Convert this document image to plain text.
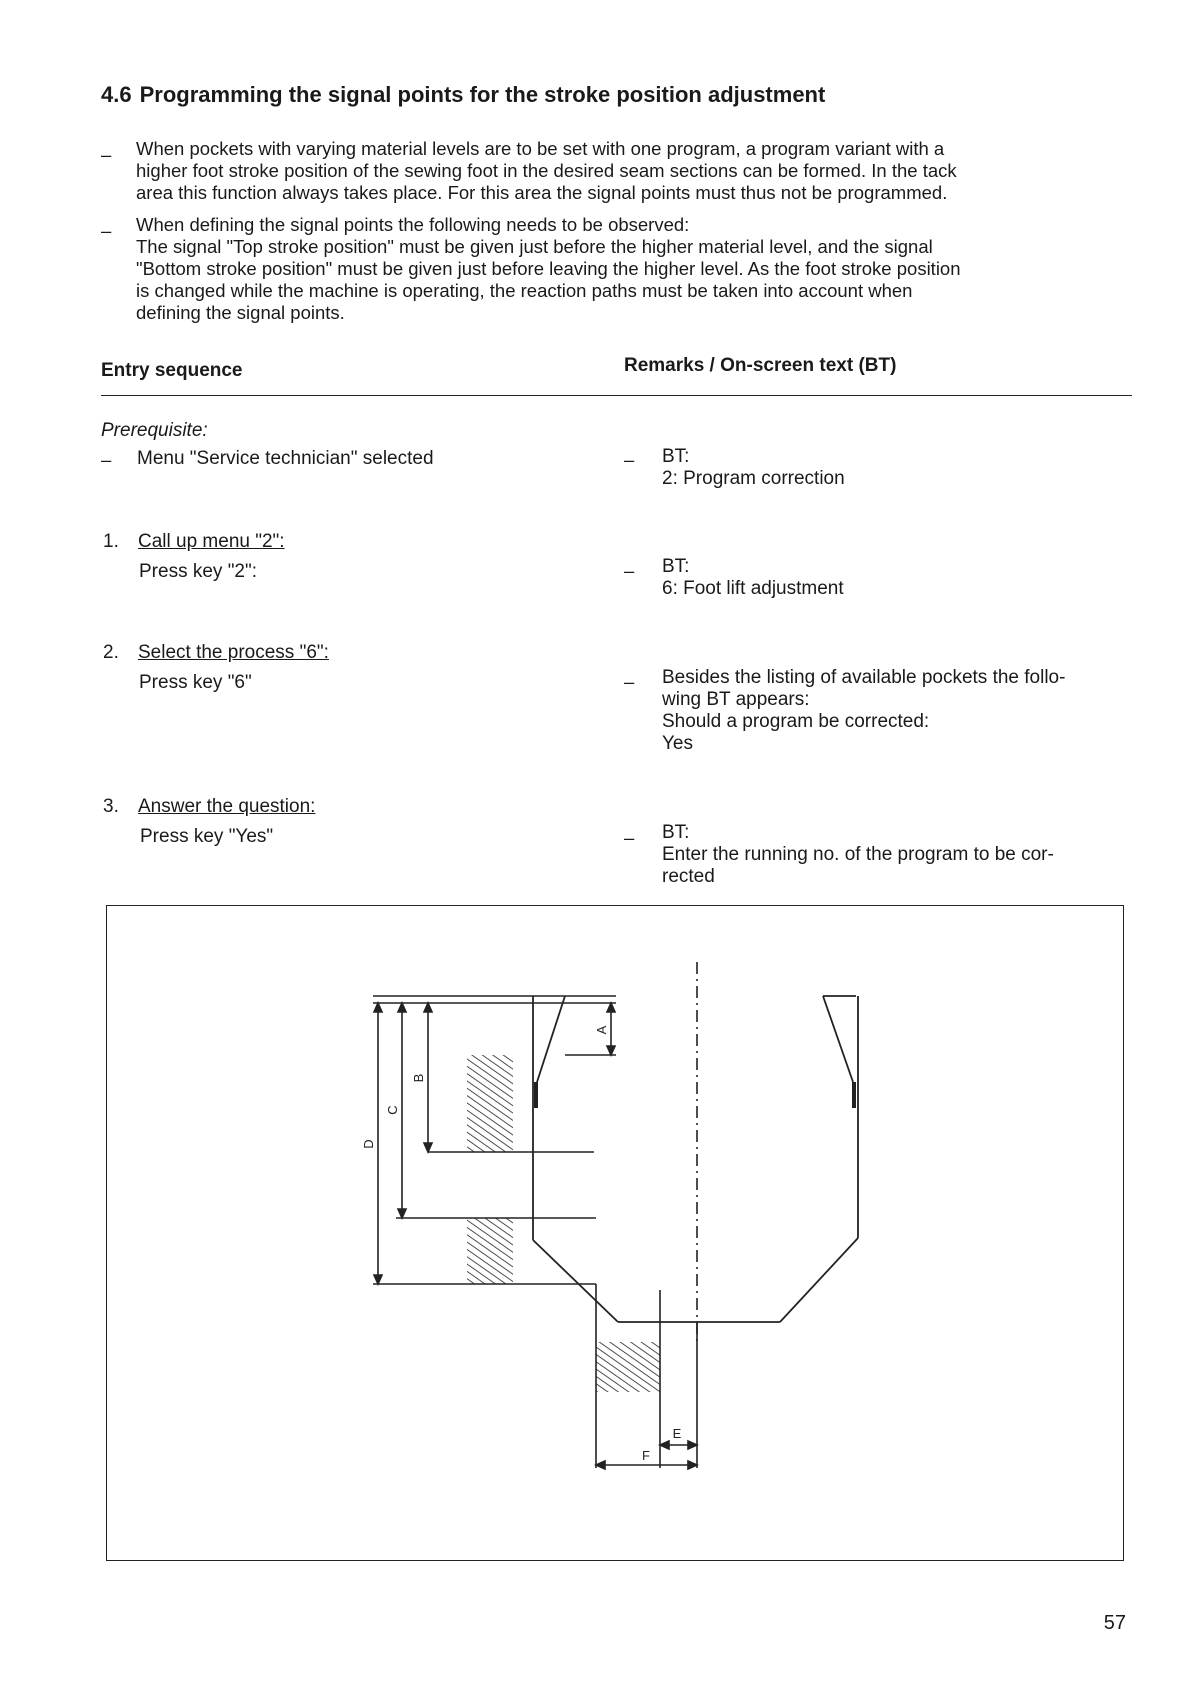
4.6 Programming the signal points for the stroke position adjustment
– When pockets with varying material levels are to be set with one program, a program variant with a
higher foot stroke position of the sewing foot in the desired seam sections can be formed. In the tack
area this function always takes place. For this area the signal points must thus not be programmed.
– When defining the signal points the following needs to be observed:
The signal "Top stroke position" must be given just before the higher material level, and the signal
"Bottom stroke position" must be given just before leaving the higher level. As the foot stroke position
is changed while the machine is operating, the reaction paths must be taken into account when
defining the signal points.
Entry sequence	Remarks / On-screen text (BT)
Prerequisite:
– Menu "Service technician" selected	– BT:
2: Program correction
1. Call up menu "2":
Press key "2":	– BT:
6: Foot lift adjustment
2. Select the process "6":
Press key "6"	– Besides the listing of available pockets the follo-
wing BT appears:
Should a program be corrected:
Yes
3. Answer the question:
Press key "Yes"	– BT:
Enter the running no. of the program to be cor-
rected
A
B
C
D
E
F
57
